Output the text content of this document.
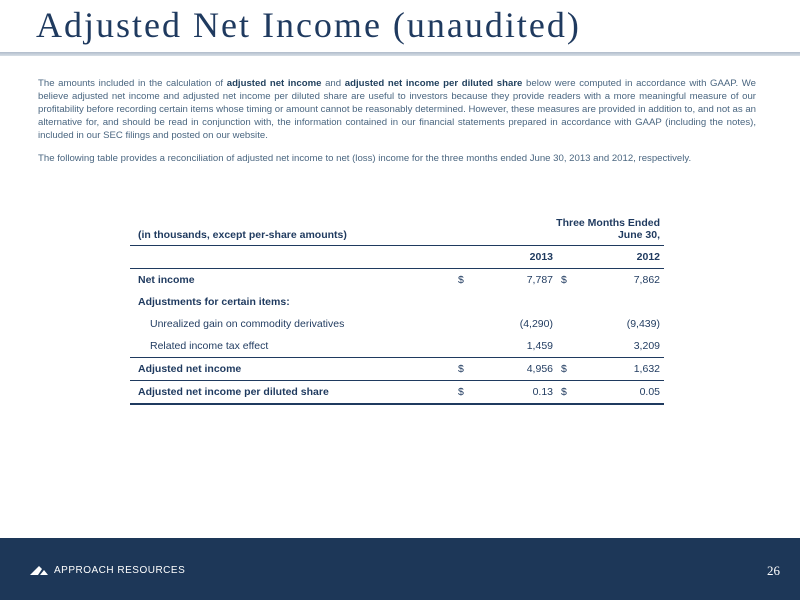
Adjusted Net Income (unaudited)

The amounts included in the calculation of adjusted net income and adjusted net income per diluted share below were computed in accordance with GAAP. We believe adjusted net income and adjusted net income per diluted share are useful to investors because they provide readers with a more meaningful measure of our profitability before recording certain items whose timing or amount cannot be reasonably determined. However, these measures are provided in addition to, and not as an alternative for, and should be read in conjunction with, the information contained in our financial statements prepared in accordance with GAAP (including the notes), included in our SEC filings and posted on our website.

The following table provides a reconciliation of adjusted net income to net (loss) income for the three months ended June 30, 2013 and 2012, respectively.

(in thousands, except per-share amounts)	Three Months Ended
June 30,			
	2013		2012	
Net income	$	7,787	$	7,862
Adjustments for certain items:				
Unrealized gain on commodity derivatives		(4,290)		(9,439)
Related income tax effect		1,459		3,209
Adjusted net income	$	4,956	$	1,632
Adjusted net income per diluted share	$	0.13	$	0.05
APPROACH RESOURCES	26
